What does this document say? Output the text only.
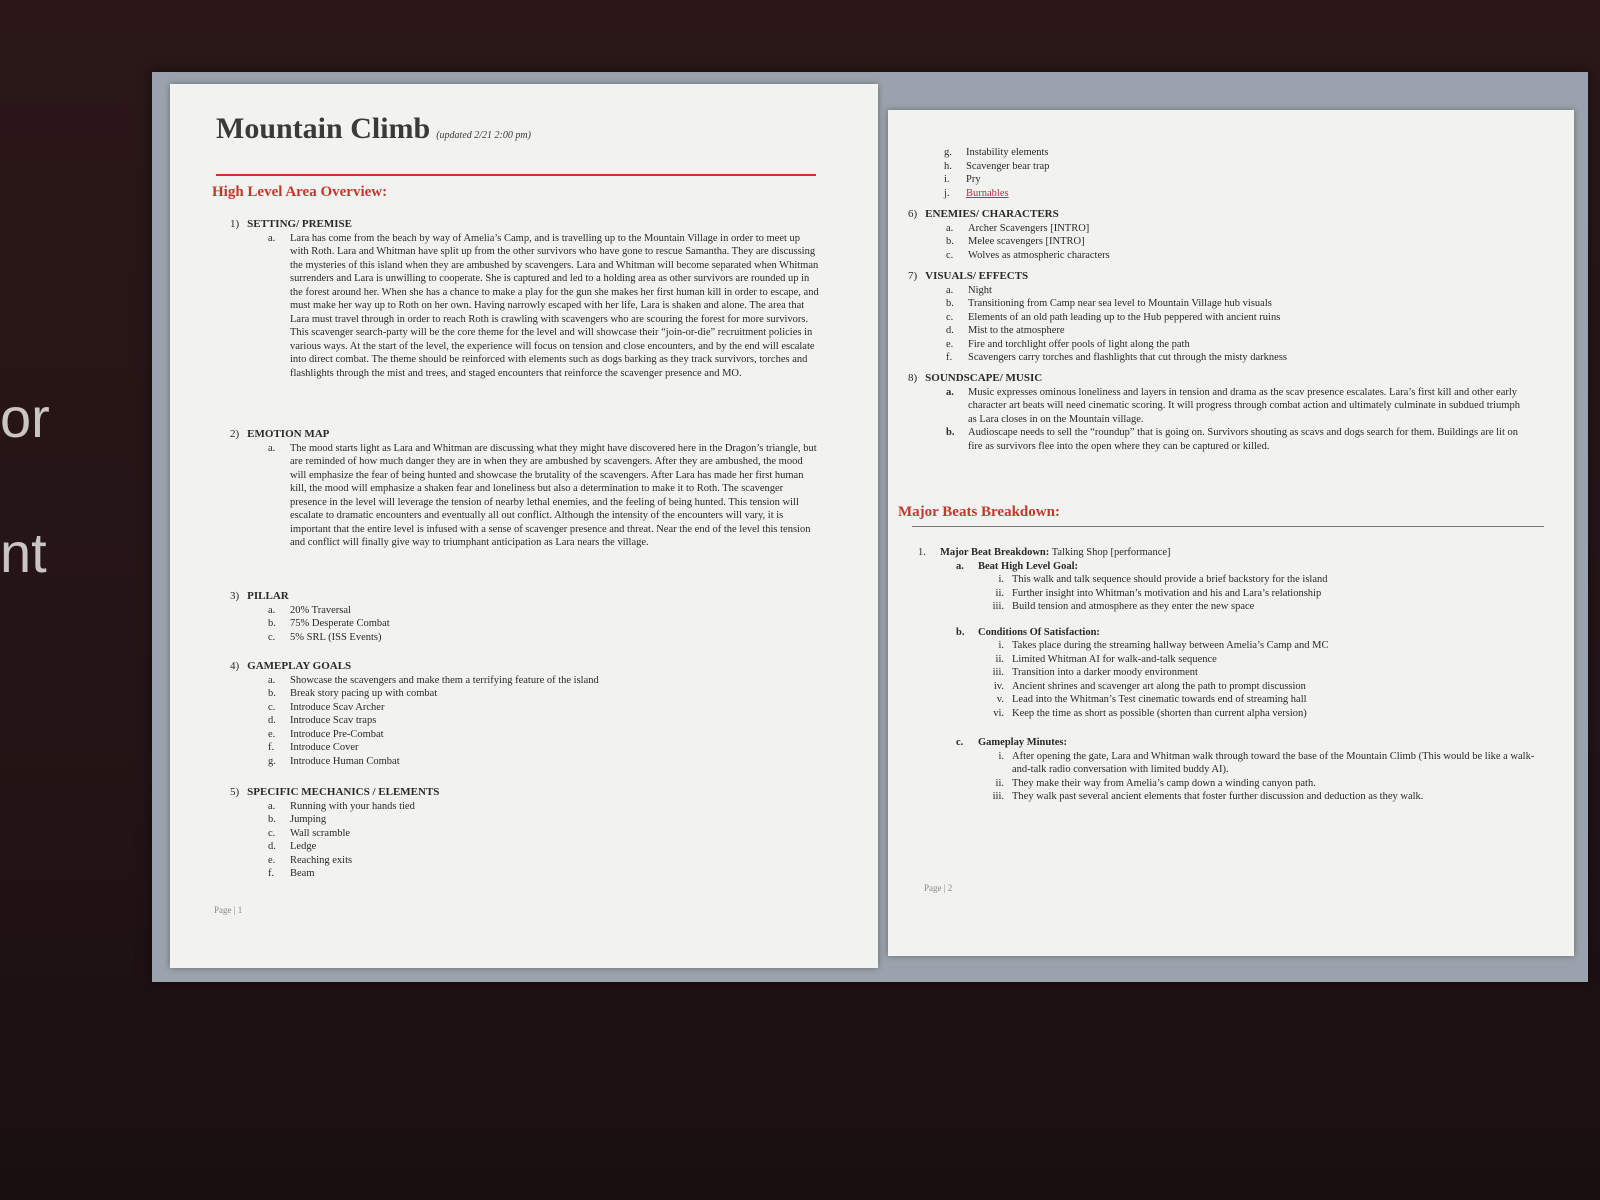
or
nt
Mountain Climb (updated 2/21 2:00 pm)
High Level Area Overview:
1) SETTING/ PREMISE
a.	Lara has come from the beach by way of Amelia’s Camp, and is travelling up to the Mountain Village in order to meet up with Roth. Lara and Whitman have split up from the other survivors who have gone to rescue Samantha. They are discussing the mysteries of this island when they are ambushed by scavengers. Lara and Whitman will become separated when Whitman surrenders and Lara is unwilling to cooperate. She is captured and led to a holding area as other survivors are rounded up in the forest around her. When she has a chance to make a play for the gun she makes her first human kill in order to escape, and must make her way up to Roth on her own. Having narrowly escaped with her life, Lara is shaken and alone. The area that Lara must travel through in order to reach Roth is crawling with scavengers who are scouring the forest for more survivors. This scavenger search-party will be the core theme for the level and will showcase their “join-or-die” recruitment policies in various ways. At the start of the level, the experience will focus on tension and close encounters, and by the end will escalate into direct combat. The theme should be reinforced with elements such as dogs barking as they track survivors, torches and flashlights through the mist and trees, and staged encounters that reinforce the scavenger presence and MO.
2) EMOTION MAP
a.	The mood starts light as Lara and Whitman are discussing what they might have discovered here in the Dragon’s triangle, but are reminded of how much danger they are in when they are ambushed by scavengers. After they are ambushed, the mood will emphasize the fear of being hunted and showcase the brutality of the scavengers. After Lara has made her first human kill, the mood will emphasize a shaken fear and loneliness but also a determination to make it to Roth. The scavenger presence in the level will leverage the tension of nearby lethal enemies, and the feeling of being hunted. This tension will escalate to dramatic encounters and eventually all out conflict. Although the intensity of the encounters will vary, it is important that the entire level is infused with a sense of scavenger presence and threat. Near the end of the level this tension and conflict will finally give way to triumphant anticipation as Lara nears the village.
3) PILLAR
a.	20% Traversal
b.	75% Desperate Combat
c.	5% SRL (ISS Events)
4) GAMEPLAY GOALS
a.	Showcase the scavengers and make them a terrifying feature of the island
b.	Break story pacing up with combat
c.	Introduce Scav Archer
d.	Introduce Scav traps
e.	Introduce Pre-Combat
f.	Introduce Cover
g.	Introduce Human Combat
5) SPECIFIC MECHANICS / ELEMENTS
a.	Running with your hands tied
b.	Jumping
c.	Wall scramble
d.	Ledge
e.	Reaching exits
f.	Beam
Page | 1
g.	Instability elements
h.	Scavenger bear trap
i.	Pry
j.	Burnables
6) ENEMIES/ CHARACTERS
a.	Archer Scavengers [INTRO]
b.	Melee scavengers [INTRO]
c.	Wolves as atmospheric characters
7) VISUALS/ EFFECTS
a.	Night
b.	Transitioning from Camp near sea level to Mountain Village hub visuals
c.	Elements of an old path leading up to the Hub peppered with ancient ruins
d.	Mist to the atmosphere
e.	Fire and torchlight offer pools of light along the path
f.	Scavengers carry torches and flashlights that cut through the misty darkness
8) SOUNDSCAPE/ MUSIC
a.	Music expresses ominous loneliness and layers in tension and drama as the scav presence escalates. Lara’s first kill and other early character art beats will need cinematic scoring. It will progress through combat action and ultimately culminate in subdued triumph as Lara closes in on the Mountain village.
b.	Audioscape needs to sell the “roundup” that is going on. Survivors shouting as scavs and dogs search for them. Buildings are lit on fire as survivors flee into the open where they can be captured or killed.
Major Beats Breakdown:
1.	Major Beat Breakdown: Talking Shop [performance]
a.	Beat High Level Goal:
i. This walk and talk sequence should provide a brief backstory for the island
ii. Further insight into Whitman’s motivation and his and Lara’s relationship
iii. Build tension and atmosphere as they enter the new space
b.	Conditions Of Satisfaction:
i. Takes place during the streaming hallway between Amelia’s Camp and MC
ii. Limited Whitman AI for walk-and-talk sequence
iii. Transition into a darker moody environment
iv. Ancient shrines and scavenger art along the path to prompt discussion
v. Lead into the Whitman’s Test cinematic towards end of streaming hall
vi. Keep the time as short as possible (shorten than current alpha version)
c.	Gameplay Minutes:
i. After opening the gate, Lara and Whitman walk through toward the base of the Mountain Climb (This would be like a walk-and-talk radio conversation with limited buddy AI).
ii. They make their way from Amelia’s camp down a winding canyon path.
iii. They walk past several ancient elements that foster further discussion and deduction as they walk.
Page | 2
